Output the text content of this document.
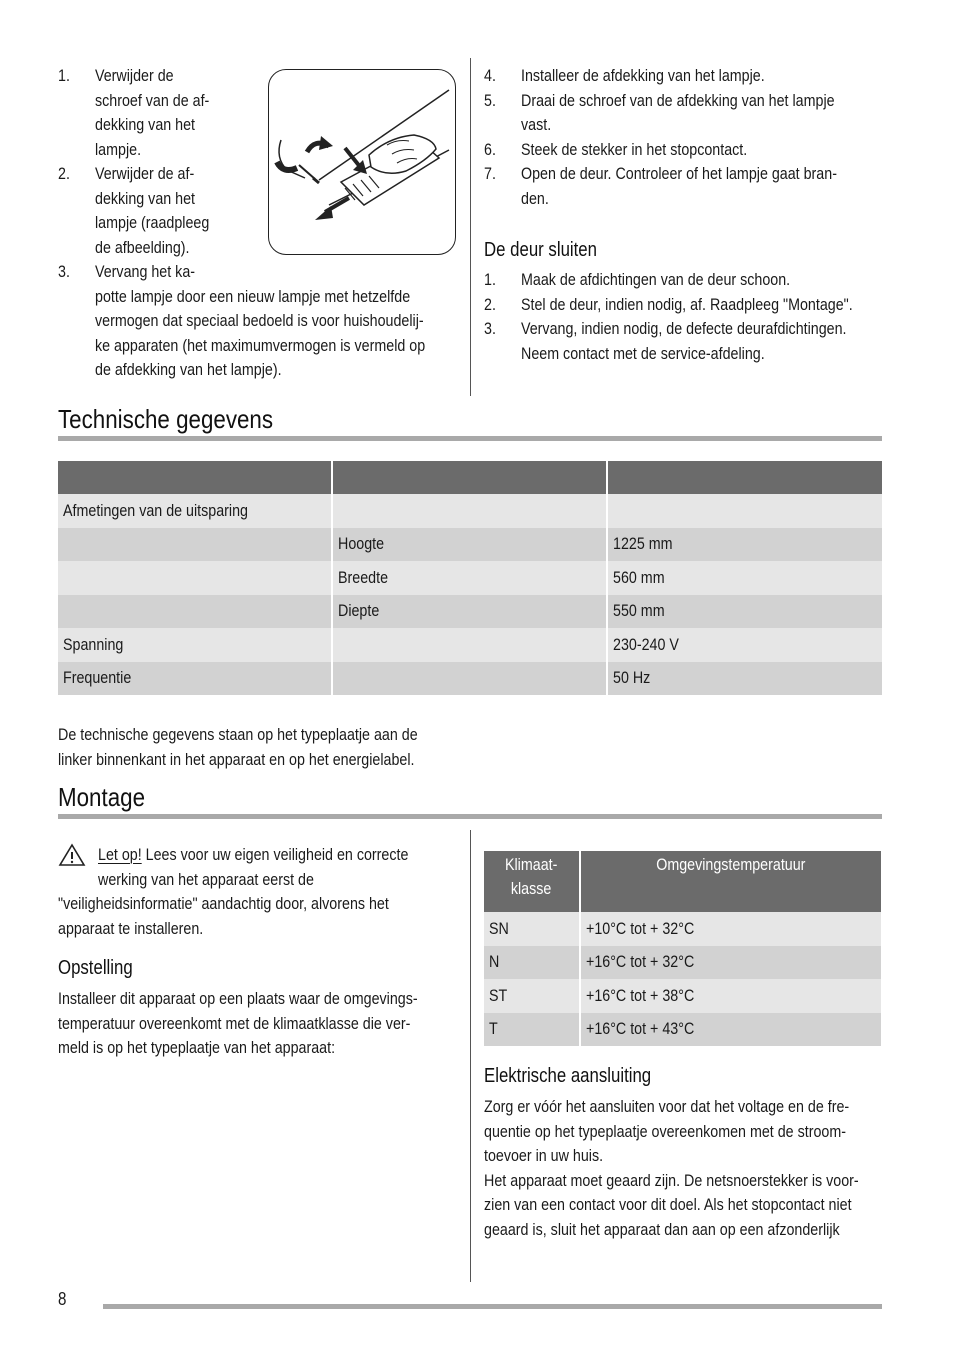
1. Verwijder de
schroef van de af-
dekking van het
lampje.
2. Verwijder de af-
dekking van het
lampje (raadpleeg
de afbeelding).
3. Vervang het ka-
potte lampje door een nieuw lampje met hetzelfde
vermogen dat speciaal bedoeld is voor huishoudelij-
ke apparaten (het maximumvermogen is vermeld op
de afdekking van het lampje).
4. Installeer de afdekking van het lampje.
5. Draai de schroef van de afdekking van het lampje
vast.
6. Steek de stekker in het stopcontact.
7. Open de deur. Controleer of het lampje gaat bran-
den.
De deur sluiten
1. Maak de afdichtingen van de deur schoon.
2. Stel de deur, indien nodig, af. Raadpleeg "Montage".
3. Vervang, indien nodig, de defecte deurafdichtingen.
Neem contact met de service-afdeling.
Technische gegevens

Afmetingen van de uitsparing		
	Hoogte	1225 mm
	Breedte	560 mm
	Diepte	550 mm
Spanning		230-240 V
Frequentie		50 Hz
De technische gegevens staan op het typeplaatje aan de
linker binnenkant in het apparaat en op het energielabel.
Montage
Let op! Lees voor uw eigen veiligheid en correcte
werking van het apparaat eerst de
"veiligheidsinformatie" aandachtig door, alvorens het
apparaat te installeren.
Opstelling
Installeer dit apparaat op een plaats waar de omgevings-
temperatuur overeenkomt met de klimaatklasse die ver-
meld is op het typeplaatje van het apparaat:
Klimaat-
klasse	Omgevingstemperatuur
SN	+10°C tot + 32°C
N	+16°C tot + 32°C
ST	+16°C tot + 38°C
T	+16°C tot + 43°C
Elektrische aansluiting
Zorg er vóór het aansluiten voor dat het voltage en de fre-
quentie op het typeplaatje overeenkomen met de stroom-
toevoer in uw huis.
Het apparaat moet geaard zijn. De netsnoerstekker is voor-
zien van een contact voor dit doel. Als het stopcontact niet
geaard is, sluit het apparaat dan aan op een afzonderlijk
8
